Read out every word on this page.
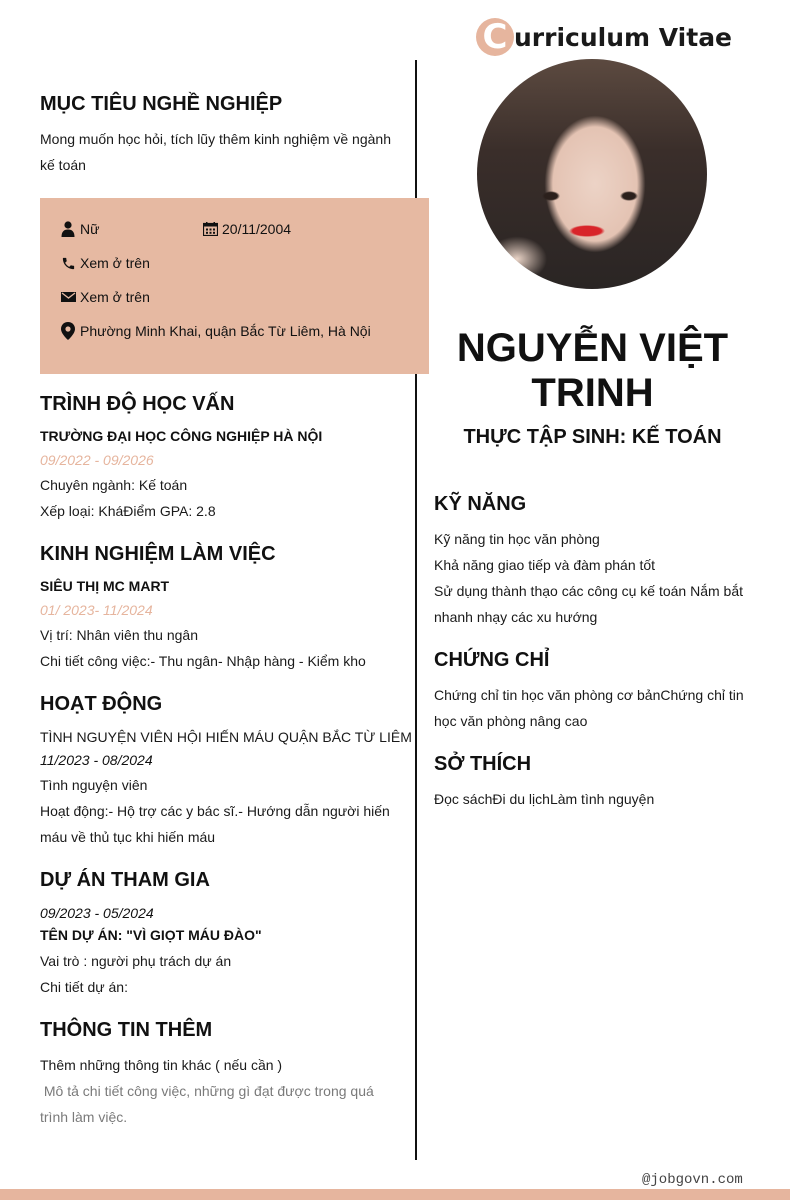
C urriculum Vitae
MỤC TIÊU NGHỀ NGHIỆP
Mong muốn học hỏi, tích lũy thêm kinh nghiệm về ngành
kế toán
Nữ	20/11/2004
Xem ở trên
Xem ở trên
Phường Minh Khai, quận Bắc Từ Liêm, Hà Nội
TRÌNH ĐỘ HỌC VẤN
TRƯỜNG ĐẠI HỌC CÔNG NGHIỆP HÀ NỘI
09/2022 - 09/2026
Chuyên ngành: Kế toán
Xếp loại: KháĐiểm GPA: 2.8
KINH NGHIỆM LÀM VIỆC
SIÊU THỊ MC MART
01/ 2023- 11/2024
Vị trí: Nhân viên thu ngân
Chi tiết công việc:- Thu ngân- Nhập hàng - Kiểm kho
HOẠT ĐỘNG
TÌNH NGUYỆN VIÊN HỘI HIẾN MÁU QUẬN BẮC TỪ LIÊM
11/2023 - 08/2024
Tình nguyện viên
Hoạt động:- Hộ trợ các y bác sĩ.- Hướng dẫn người hiến
máu về thủ tục khi hiến máu
DỰ ÁN THAM GIA
09/2023 - 05/2024
TÊN DỰ ÁN: "VÌ GIỌT MÁU ĐÀO"
Vai trò : người phụ trách dự án
Chi tiết dự án:
THÔNG TIN THÊM
Thêm những thông tin khác ( nếu cần )
Mô tả chi tiết công việc, những gì đạt được trong quá
trình làm việc.
NGUYỄN VIỆT
TRINH
THỰC TẬP SINH: KẾ TOÁN
KỸ NĂNG
Kỹ năng tin học văn phòng
Khả năng giao tiếp và đàm phán tốt
Sử dụng thành thạo các công cụ kế toán Nắm bắt
nhanh nhạy các xu hướng
CHỨNG CHỈ
Chứng chỉ tin học văn phòng cơ bảnChứng chỉ tin
học văn phòng nâng cao
SỞ THÍCH
Đọc sáchĐi du lịchLàm tình nguyện
@jobgovn.com
